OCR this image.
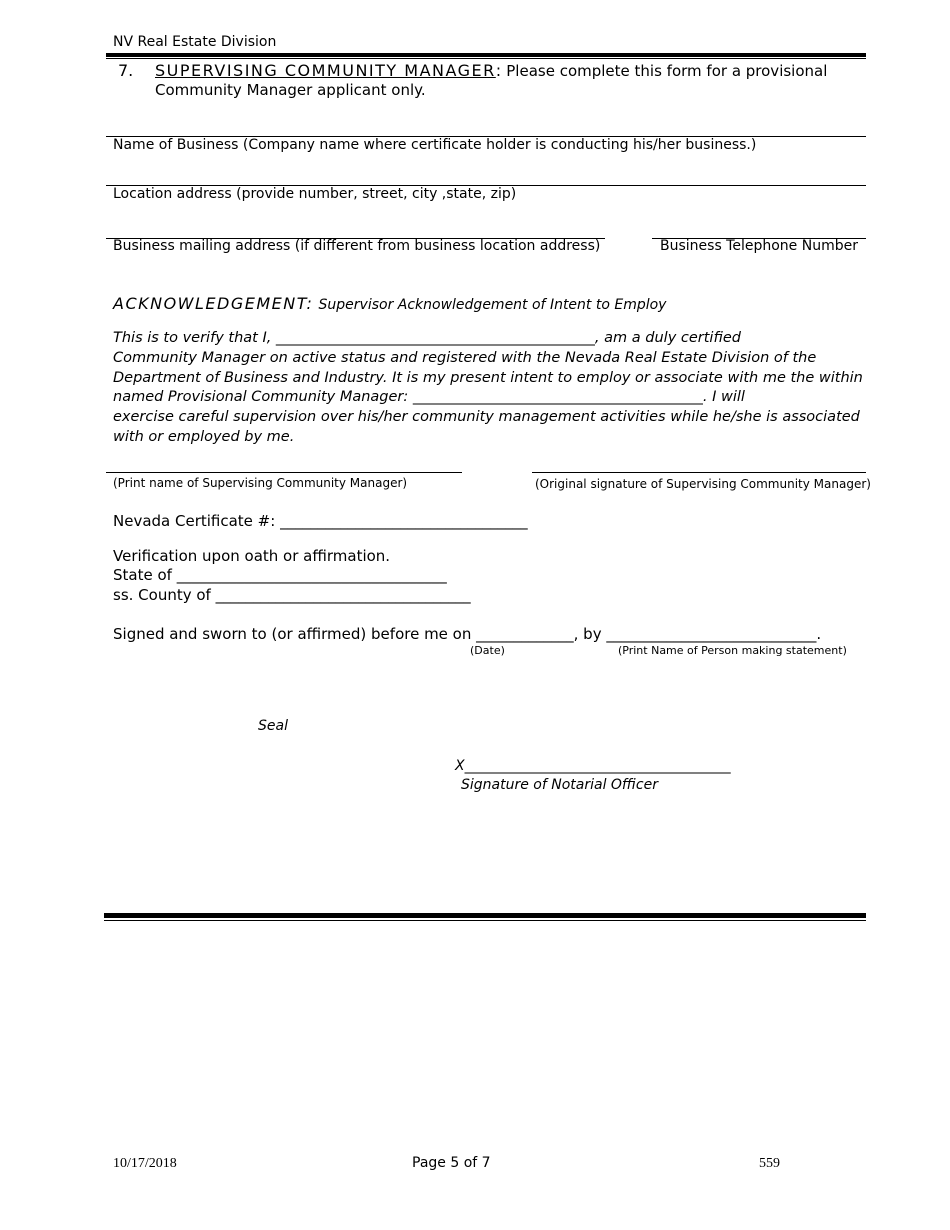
NV Real Estate Division
7. SUPERVISING COMMUNITY MANAGER: Please complete this form for a provisional
Community Manager applicant only.
Name of Business (Company name where certificate holder is conducting his/her business.)
Location address (provide number, street, city ,state, zip)
Business mailing address (if different from business location address)	Business Telephone Number
ACKNOWLEDGEMENT: Supervisor Acknowledgement of Intent to Employ

This is to verify that I, ____________________________________________, am a duly certified

Community Manager on active status and registered with the Nevada Real Estate Division of the

Department of Business and Industry. It is my present intent to employ or associate with me the within

named Provisional Community Manager: ________________________________________. I will

exercise careful supervision over his/her community management activities while he/she is associated

with or employed by me.

(Print name of Supervising Community Manager)	(Original signature of Supervising Community Manager)
Nevada Certificate #: _________________________________
Verification upon oath or affirmation.
State of ____________________________________
ss. County of __________________________________
Signed and sworn to (or affirmed) before me on _____________, by ____________________________.
(Date)	(Print Name of Person making statement)
Seal
X______________________________________
Signature of Notarial Officer
10/17/2018	Page 5 of 7	559
